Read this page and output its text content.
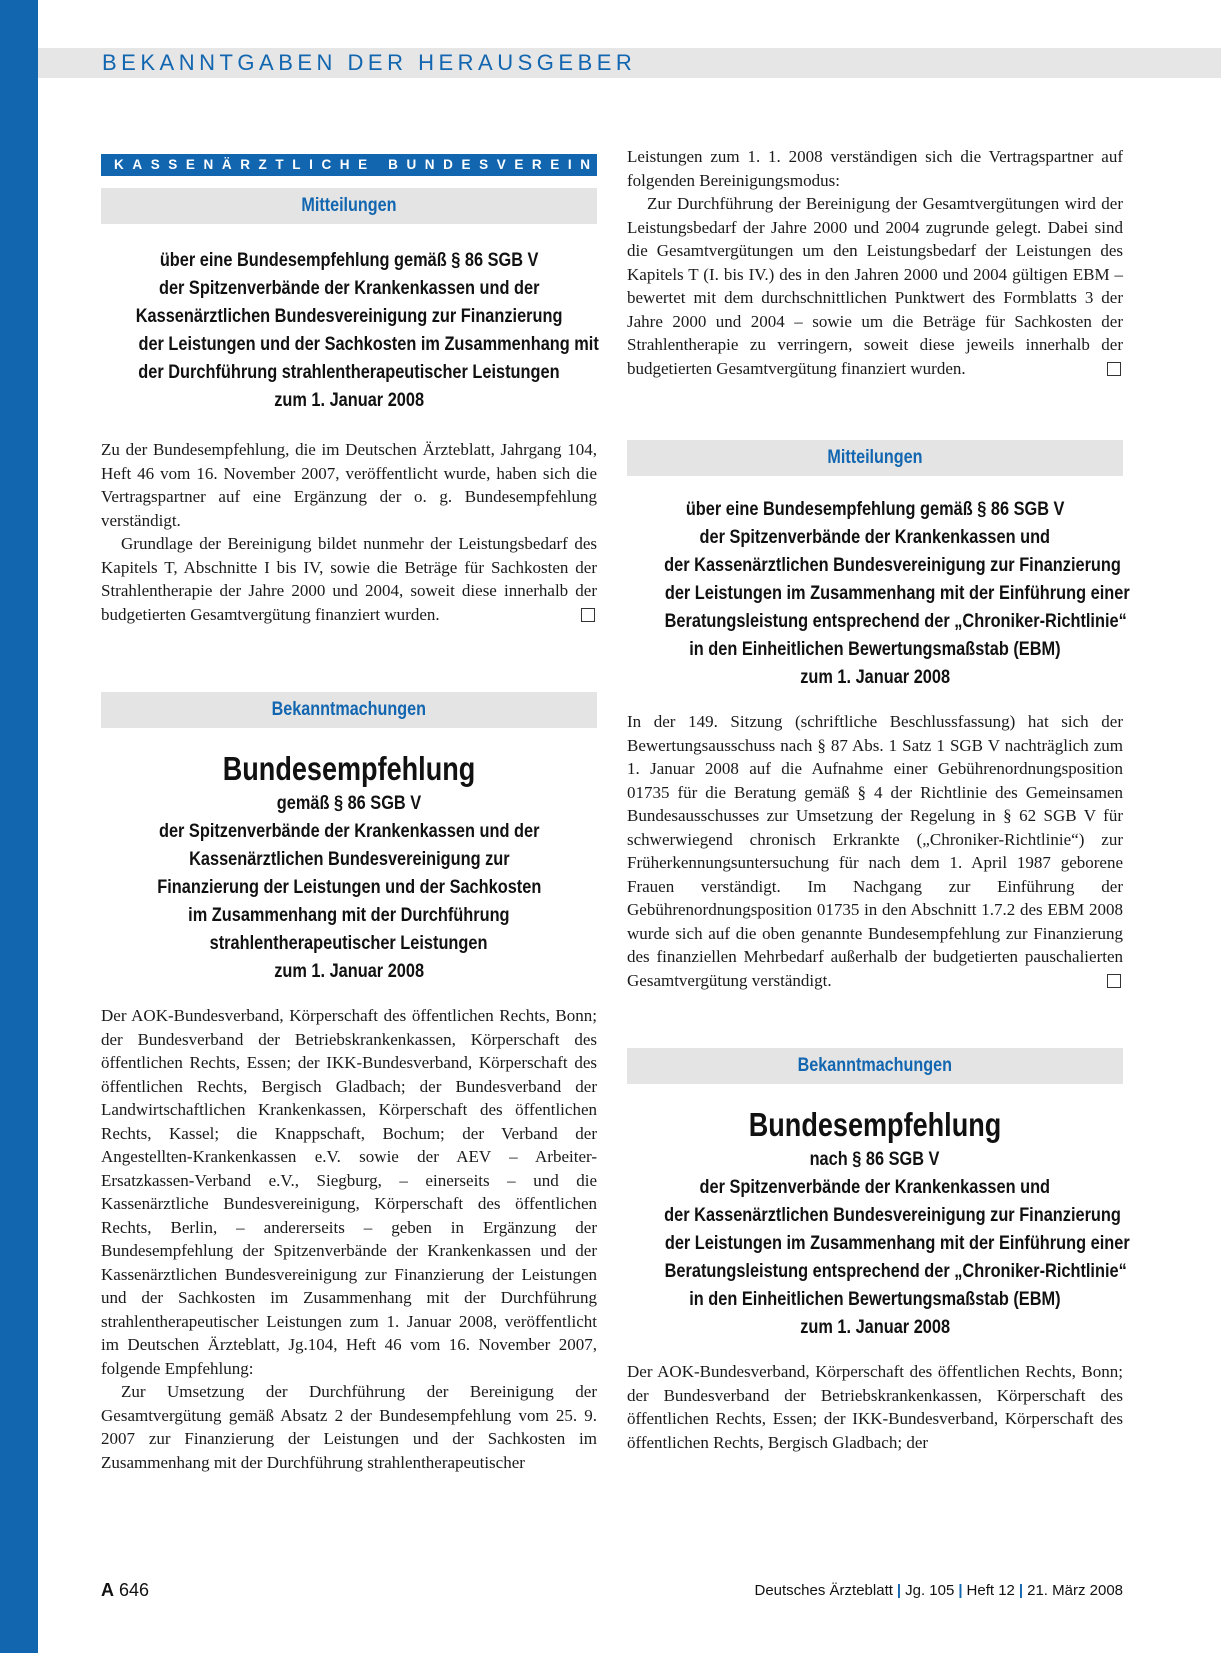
BEKANNTGABEN DER HERAUSGEBER
KASSENÄRZTLICHE BUNDESVEREINIGUNG
Mitteilungen
über eine Bundesempfehlung gemäß § 86 SGB V
der Spitzenverbände der Krankenkassen und der
Kassenärztlichen Bundesvereinigung zur Finanzierung
der Leistungen und der Sachkosten im Zusammenhang mit
der Durchführung strahlentherapeutischer Leistungen
zum 1. Januar 2008

Zu der Bundesempfehlung, die im Deutschen Ärzteblatt, Jahrgang 104, Heft 46 vom 16. November 2007, veröffentlicht wurde, haben sich die Vertragspartner auf eine Ergänzung der o. g. Bundesempfehlung verständigt.

Grundlage der Bereinigung bildet nunmehr der Leistungsbedarf des Kapitels T, Abschnitte I bis IV, sowie die Beträge für Sachkosten der Strahlentherapie der Jahre 2000 und 2004, soweit diese innerhalb der budgetierten Gesamtvergütung finanziert wurden.

Bekanntmachungen
Bundesempfehlung
gemäß § 86 SGB V
der Spitzenverbände der Krankenkassen und der
Kassenärztlichen Bundesvereinigung zur
Finanzierung der Leistungen und der Sachkosten
im Zusammenhang mit der Durchführung
strahlentherapeutischer Leistungen
zum 1. Januar 2008

Der AOK-Bundesverband, Körperschaft des öffentlichen Rechts, Bonn; der Bundesverband der Betriebskrankenkassen, Körperschaft des öffentlichen Rechts, Essen; der IKK-Bundesverband, Körperschaft des öffentlichen Rechts, Bergisch Gladbach; der Bundesverband der Landwirtschaftlichen Krankenkassen, Körperschaft des öffentlichen Rechts, Kassel; die Knappschaft, Bochum; der Verband der Angestellten-Krankenkassen e.V. sowie der AEV – Arbeiter-Ersatzkassen-Verband e.V., Siegburg, – einerseits – und die Kassenärztliche Bundesvereinigung, Körperschaft des öffentlichen Rechts, Berlin, – andererseits – geben in Ergänzung der Bundesempfehlung der Spitzenverbände der Krankenkassen und der Kassenärztlichen Bundesvereinigung zur Finanzierung der Leistungen und der Sachkosten im Zusammenhang mit der Durchführung strahlentherapeutischer Leistungen zum 1. Januar 2008, veröffentlicht im Deutschen Ärzteblatt, Jg.104, Heft 46 vom 16. November 2007, folgende Empfehlung:

Zur Umsetzung der Durchführung der Bereinigung der Gesamtvergütung gemäß Absatz 2 der Bundesempfehlung vom 25. 9. 2007 zur Finanzierung der Leistungen und der Sachkosten im Zusammenhang mit der Durchführung strahlentherapeutischer

Leistungen zum 1. 1. 2008 verständigen sich die Vertragspartner auf folgenden Bereinigungsmodus:

Zur Durchführung der Bereinigung der Gesamtvergütungen wird der Leistungsbedarf der Jahre 2000 und 2004 zugrunde gelegt. Dabei sind die Gesamtvergütungen um den Leistungsbedarf der Leistungen des Kapitels T (I. bis IV.) des in den Jahren 2000 und 2004 gültigen EBM – bewertet mit dem durchschnittlichen Punktwert des Formblatts 3 der Jahre 2000 und 2004 – sowie um die Beträge für Sachkosten der Strahlentherapie zu verringern, soweit diese jeweils innerhalb der budgetierten Gesamtvergütung finanziert wurden.

Mitteilungen
über eine Bundesempfehlung gemäß § 86 SGB V
der Spitzenverbände der Krankenkassen und
der Kassenärztlichen Bundesvereinigung zur Finanzierung
der Leistungen im Zusammenhang mit der Einführung einer
Beratungsleistung entsprechend der „Chroniker-Richtlinie“
in den Einheitlichen Bewertungsmaßstab (EBM)
zum 1. Januar 2008

In der 149. Sitzung (schriftliche Beschlussfassung) hat sich der Bewertungsausschuss nach § 87 Abs. 1 Satz 1 SGB V nachträglich zum 1. Januar 2008 auf die Aufnahme einer Gebührenordnungsposition 01735 für die Beratung gemäß § 4 der Richtlinie des Gemeinsamen Bundesausschusses zur Umsetzung der Regelung in § 62 SGB V für schwerwiegend chronisch Erkrankte („Chroniker-Richtlinie“) zur Früherkennungsuntersuchung für nach dem 1. April 1987 geborene Frauen verständigt. Im Nachgang zur Einführung der Gebührenordnungsposition 01735 in den Abschnitt 1.7.2 des EBM 2008 wurde sich auf die oben genannte Bundesempfehlung zur Finanzierung des finanziellen Mehrbedarf außerhalb der budgetierten pauschalierten Gesamtvergütung verständigt.

Bekanntmachungen
Bundesempfehlung
nach § 86 SGB V
der Spitzenverbände der Krankenkassen und
der Kassenärztlichen Bundesvereinigung zur Finanzierung
der Leistungen im Zusammenhang mit der Einführung einer
Beratungsleistung entsprechend der „Chroniker-Richtlinie“
in den Einheitlichen Bewertungsmaßstab (EBM)
zum 1. Januar 2008

Der AOK-Bundesverband, Körperschaft des öffentlichen Rechts, Bonn; der Bundesverband der Betriebskrankenkassen, Körperschaft des öffentlichen Rechts, Essen; der IKK-Bundesverband, Körperschaft des öffentlichen Rechts, Bergisch Gladbach; der

A 646	Deutsches Ärzteblatt | Jg. 105 | Heft 12 | 21. März 2008
